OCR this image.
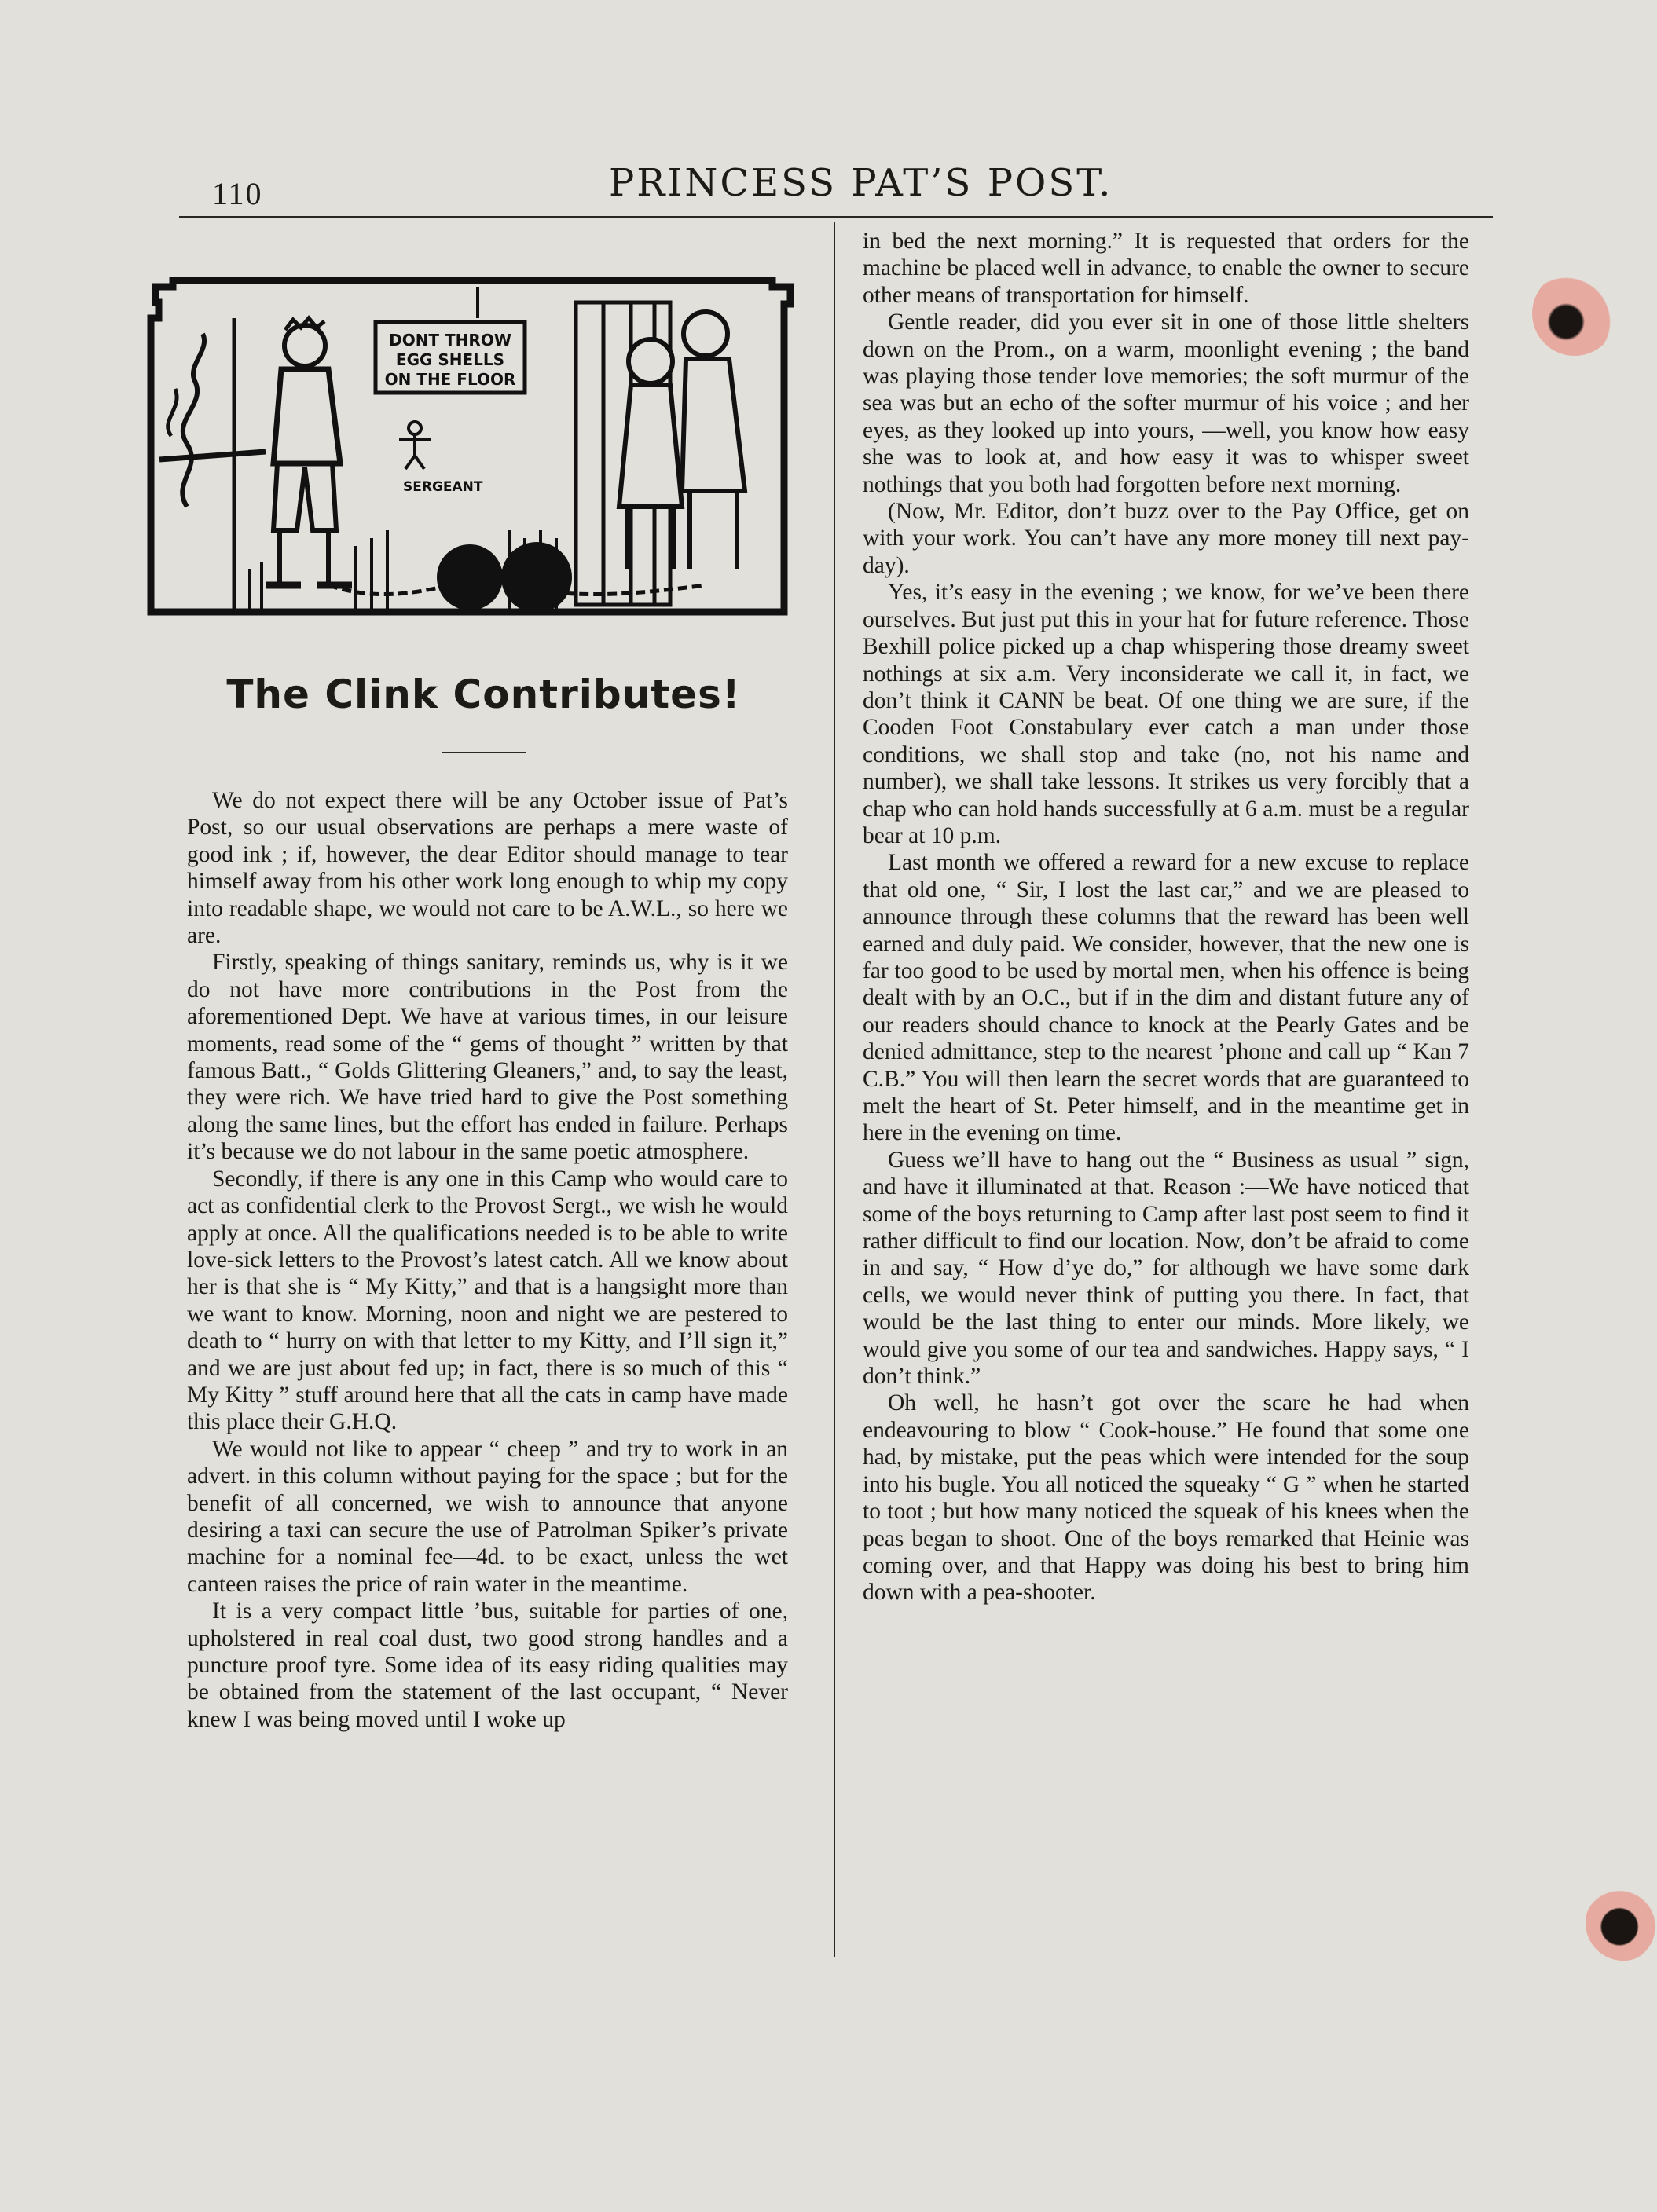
110	PRINCESS PAT’S POST.
DONT THROW
EGG SHELLS
ON THE FLOOR
SERGEANT
The Clink Contributes!

We do not expect there will be any October issue of Pat’s Post, so our usual observations are perhaps a mere waste of good ink ; if, however, the dear Editor should manage to tear himself away from his other work long enough to whip my copy into readable shape, we would not care to be A.W.L., so here we are.

Firstly, speaking of things sanitary, reminds us, why is it we do not have more contributions in the Post from the aforementioned Dept. We have at various times, in our leisure moments, read some of the “ gems of thought ” written by that famous Batt., “ Golds Glittering Gleaners,” and, to say the least, they were rich. We have tried hard to give the Post something along the same lines, but the effort has ended in failure. Perhaps it’s because we do not labour in the same poetic atmosphere.

Secondly, if there is any one in this Camp who would care to act as confidential clerk to the Provost Sergt., we wish he would apply at once. All the qualifications needed is to be able to write love-sick letters to the Provost’s latest catch. All we know about her is that she is “ My Kitty,” and that is a hangsight more than we want to know. Morning, noon and night we are pestered to death to “ hurry on with that letter to my Kitty, and I’ll sign it,” and we are just about fed up; in fact, there is so much of this “ My Kitty ” stuff around here that all the cats in camp have made this place their G.H.Q.

We would not like to appear “ cheep ” and try to work in an advert. in this column without paying for the space ; but for the benefit of all concerned, we wish to announce that anyone desiring a taxi can secure the use of Patrolman Spiker’s private machine for a nominal fee—4d. to be exact, unless the wet canteen raises the price of rain water in the meantime.

It is a very compact little ’bus, suitable for parties of one, upholstered in real coal dust, two good strong handles and a puncture proof tyre. Some idea of its easy riding qualities may be obtained from the statement of the last occupant, “ Never knew I was being moved until I woke up

in bed the next morning.” It is requested that orders for the machine be placed well in advance, to enable the owner to secure other means of transportation for himself.

Gentle reader, did you ever sit in one of those little shelters down on the Prom., on a warm, moonlight evening ; the band was playing those tender love memories; the soft murmur of the sea was but an echo of the softer murmur of his voice ; and her eyes, as they looked up into yours, —well, you know how easy she was to look at, and how easy it was to whisper sweet nothings that you both had forgotten before next morning.

(Now, Mr. Editor, don’t buzz over to the Pay Office, get on with your work. You can’t have any more money till next pay-day).

Yes, it’s easy in the evening ; we know, for we’ve been there ourselves. But just put this in your hat for future reference. Those Bexhill police picked up a chap whispering those dreamy sweet nothings at six a.m. Very inconsiderate we call it, in fact, we don’t think it CANN be beat. Of one thing we are sure, if the Cooden Foot Constabulary ever catch a man under those conditions, we shall stop and take (no, not his name and number), we shall take lessons. It strikes us very forcibly that a chap who can hold hands successfully at 6 a.m. must be a regular bear at 10 p.m.

Last month we offered a reward for a new excuse to replace that old one, “ Sir, I lost the last car,” and we are pleased to announce through these columns that the reward has been well earned and duly paid. We consider, however, that the new one is far too good to be used by mortal men, when his offence is being dealt with by an O.C., but if in the dim and distant future any of our readers should chance to knock at the Pearly Gates and be denied admittance, step to the nearest ’phone and call up “ Kan 7 C.B.” You will then learn the secret words that are guaranteed to melt the heart of St. Peter himself, and in the meantime get in here in the evening on time.

Guess we’ll have to hang out the “ Business as usual ” sign, and have it illuminated at that. Reason :—We have noticed that some of the boys returning to Camp after last post seem to find it rather difficult to find our location. Now, don’t be afraid to come in and say, “ How d’ye do,” for although we have some dark cells, we would never think of putting you there. In fact, that would be the last thing to enter our minds. More likely, we would give you some of our tea and sandwiches. Happy says, “ I don’t think.”

Oh well, he hasn’t got over the scare he had when endeavouring to blow “ Cook-house.” He found that some one had, by mistake, put the peas which were intended for the soup into his bugle. You all noticed the squeaky “ G ” when he started to toot ; but how many noticed the squeak of his knees when the peas began to shoot. One of the boys remarked that Heinie was coming over, and that Happy was doing his best to bring him down with a pea-shooter.
